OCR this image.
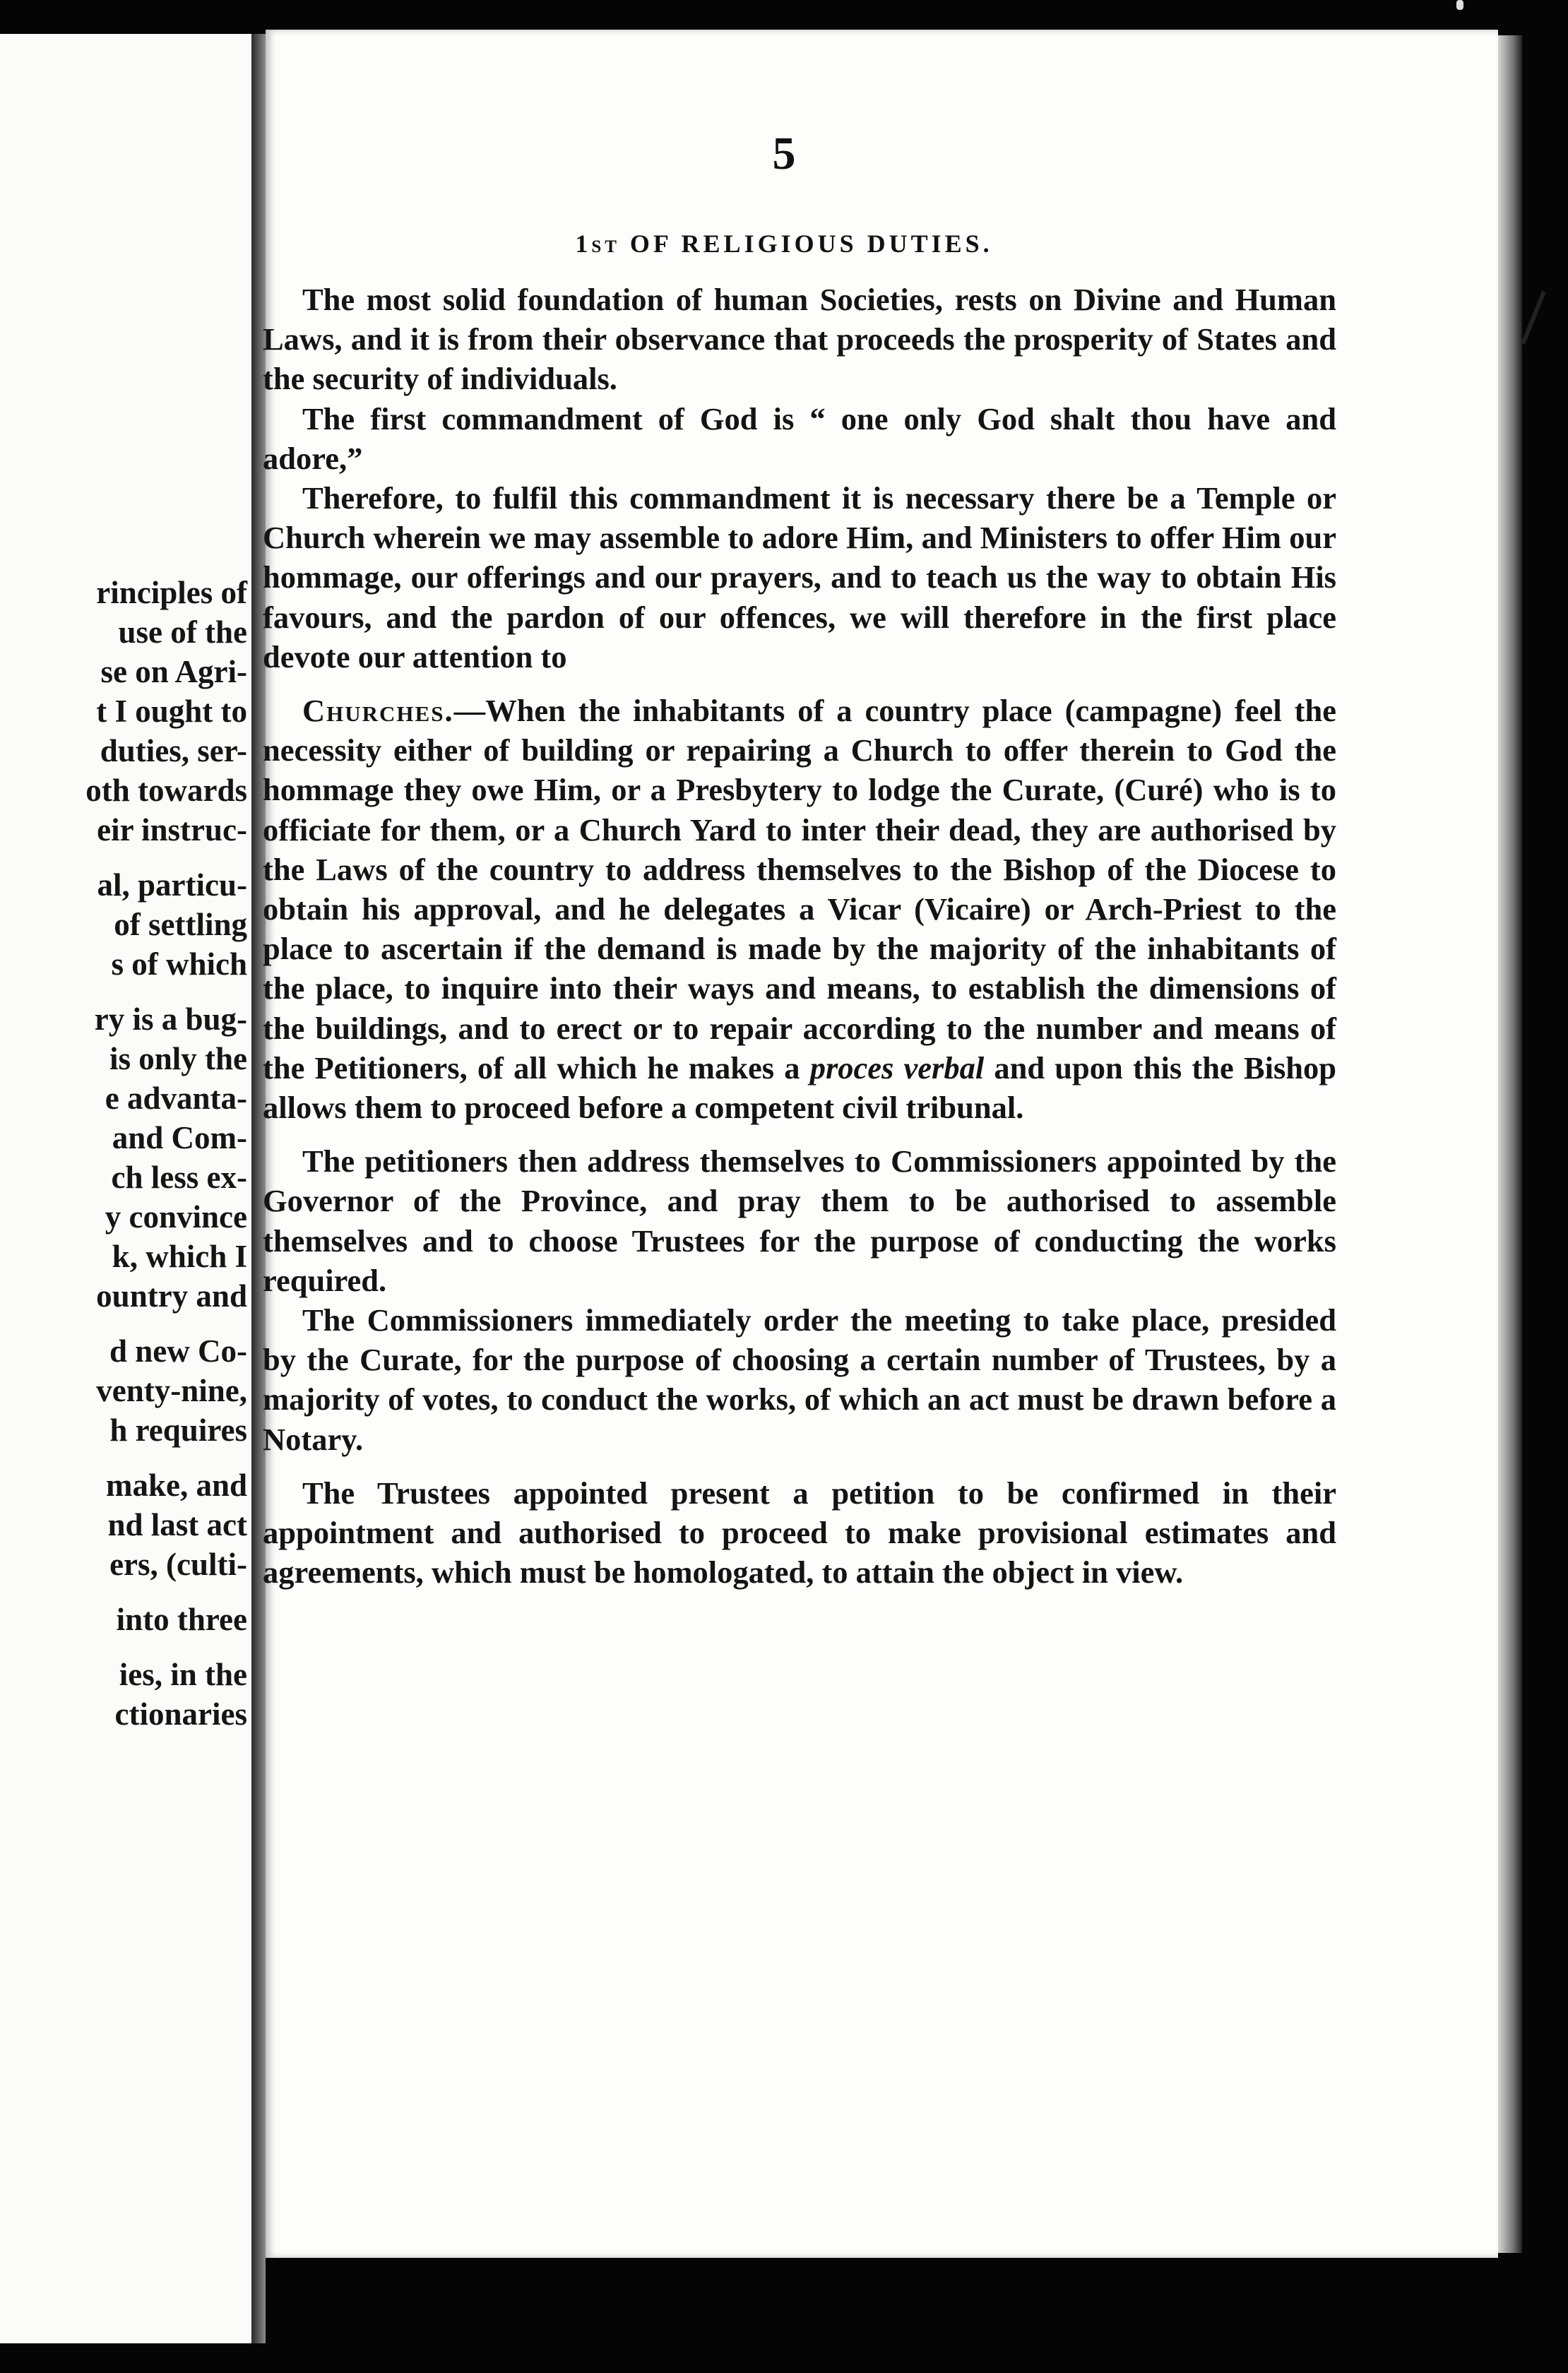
rinciples of
use of the
se on Agri-
t I ought to
duties, ser-
oth towards
eir instruc-
al, particu-
of settling
s of which
ry is a bug-
is only the
e advanta-
and Com-
ch less ex-
y convince
k, which I
ountry and
d new Co-
venty-nine,
h requires
make, and
nd last act
ers, (culti-
into three
ies, in the
ctionaries
5
1st OF RELIGIOUS DUTIES.

The most solid foundation of human Societies, rests on Divine and Human Laws, and it is from their observance that proceeds the prosperity of States and the security of individuals.

The first commandment of God is “ one only God shalt thou have and adore,”

Therefore, to fulfil this commandment it is necessary there be a Temple or Church wherein we may assemble to adore Him, and Ministers to offer Him our hommage, our offerings and our prayers, and to teach us the way to obtain His favours, and the pardon of our offences, we will therefore in the first place devote our attention to

Churches.—When the inhabitants of a country place (campagne) feel the necessity either of building or repairing a Church to offer therein to God the hommage they owe Him, or a Presbytery to lodge the Curate, (Curé) who is to officiate for them, or a Church Yard to inter their dead, they are authorised by the Laws of the country to address themselves to the Bishop of the Diocese to obtain his approval, and he delegates a Vicar (Vicaire) or Arch-Priest to the place to ascertain if the demand is made by the majority of the inhabitants of the place, to inquire into their ways and means, to establish the dimensions of the buildings, and to erect or to repair according to the number and means of the Petitioners, of all which he makes a proces verbal and upon this the Bishop allows them to proceed before a competent civil tribunal.

The petitioners then address themselves to Commissioners appointed by the Governor of the Province, and pray them to be authorised to assemble themselves and to choose Trustees for the purpose of conducting the works required.

The Commissioners immediately order the meeting to take place, presided by the Curate, for the purpose of choosing a certain number of Trustees, by a majority of votes, to conduct the works, of which an act must be drawn before a Notary.

The Trustees appointed present a petition to be confirmed in their appointment and authorised to proceed to make provisional estimates and agreements, which must be homologated, to attain the object in view.
